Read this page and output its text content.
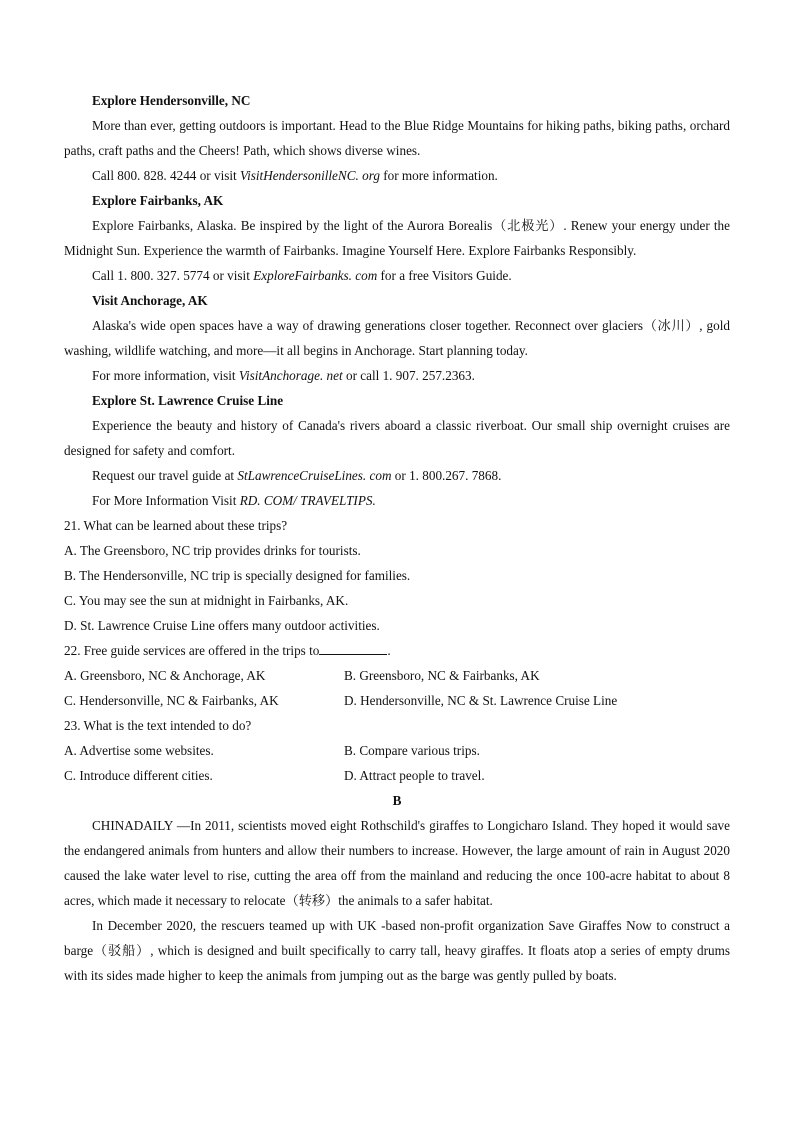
Explore Hendersonville, NC

More than ever, getting outdoors is important. Head to the Blue Ridge Mountains for hiking paths, biking paths, orchard paths, craft paths and the Cheers! Path, which shows diverse wines.

Call 800. 828. 4244 or visit VisitHendersonilleNC. org for more information.

Explore Fairbanks, AK

Explore Fairbanks, Alaska. Be inspired by the light of the Aurora Borealis（北极光）. Renew your energy under the Midnight Sun. Experience the warmth of Fairbanks. Imagine Yourself Here. Explore Fairbanks Responsibly.

Call 1. 800. 327. 5774 or visit ExploreFairbanks. com for a free Visitors Guide.

Visit Anchorage, AK

Alaska's wide open spaces have a way of drawing generations closer together. Reconnect over glaciers（冰川）, gold washing, wildlife watching, and more—it all begins in Anchorage. Start planning today.

For more information, visit VisitAnchorage. net or call 1. 907. 257.2363.

Explore St. Lawrence Cruise Line

Experience the beauty and history of Canada's rivers aboard a classic riverboat. Our small ship overnight cruises are designed for safety and comfort.

Request our travel guide at StLawrenceCruiseLines. com or 1. 800.267. 7868.

For More Information Visit RD. COM/ TRAVELTIPS.

21. What can be learned about these trips?

A. The Greensboro, NC trip provides drinks for tourists.

B. The Hendersonville, NC trip is specially designed for families.

C. You may see the sun at midnight in Fairbanks, AK.

D. St. Lawrence Cruise Line offers many outdoor activities.

22. Free guide services are offered in the trips to	.

A. Greensboro, NC & Anchorage, AK	B. Greensboro, NC & Fairbanks, AK
C. Hendersonville, NC & Fairbanks, AK	D. Hendersonville, NC & St. Lawrence Cruise Line

23. What is the text intended to do?

A. Advertise some websites.	B. Compare various trips.
C. Introduce different cities.	D. Attract people to travel.

B

CHINADAILY —In 2011, scientists moved eight Rothschild's giraffes to Longicharo Island. They hoped it would save the endangered animals from hunters and allow their numbers to increase. However, the large amount of rain in August 2020 caused the lake water level to rise, cutting the area off from the mainland and reducing the once 100-acre habitat to about 8 acres, which made it necessary to relocate（转移）the animals to a safer habitat.

In December 2020, the rescuers teamed up with UK -based non-profit organization Save Giraffes Now to construct a barge（驳船）, which is designed and built specifically to carry tall, heavy giraffes. It floats atop a series of empty drums with its sides made higher to keep the animals from jumping out as the barge was gently pulled by boats.
